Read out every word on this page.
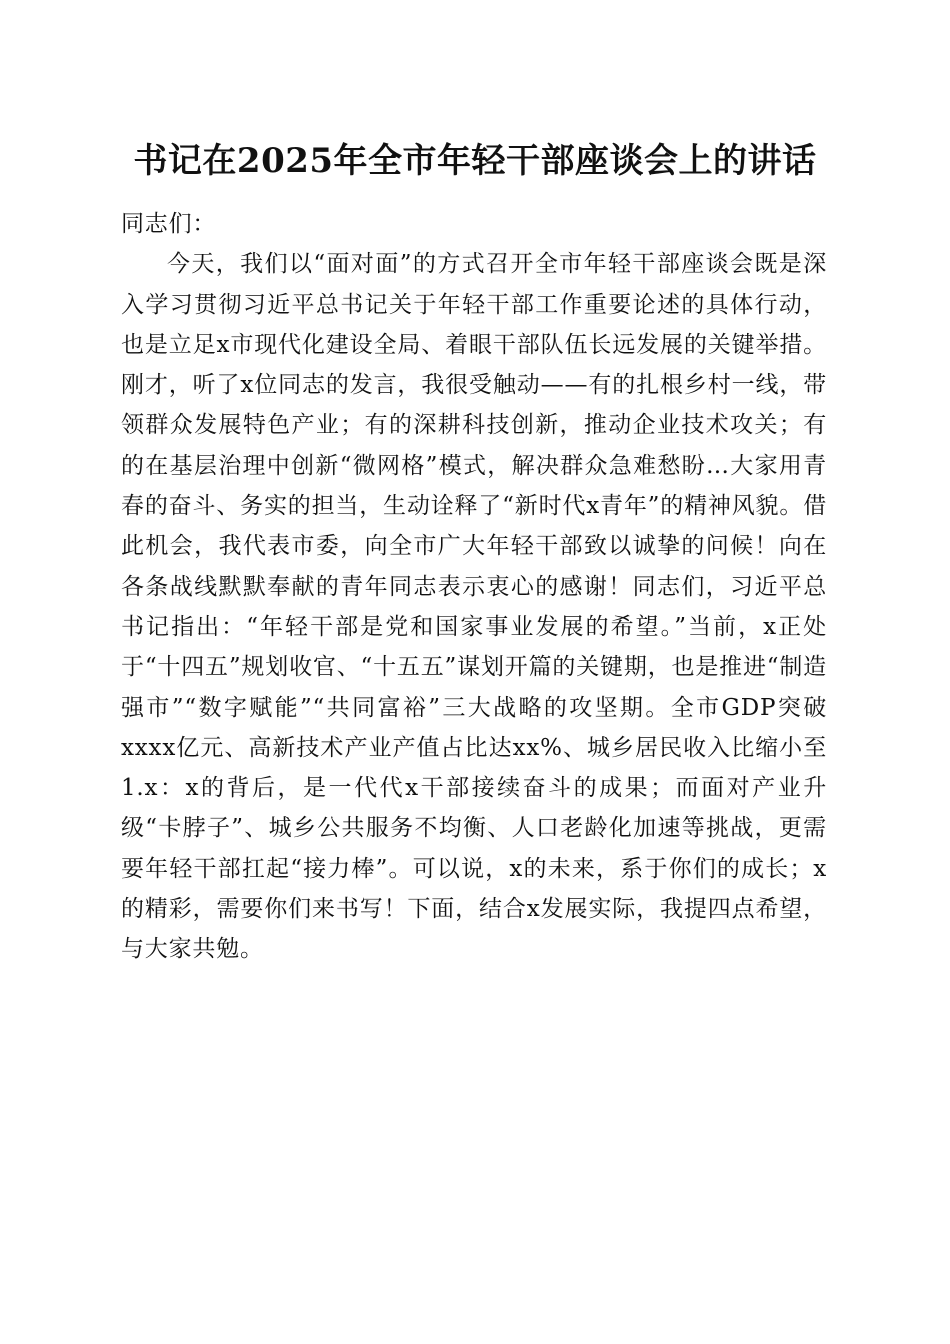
书记在2025年全市年轻干部座谈会上的讲话

同志们：

今天，我们以“面对面”的方式召开全市年轻干部座谈会既是深入学习贯彻习近平总书记关于年轻干部工作重要论述的具体行动，也是立足x市现代化建设全局、着眼干部队伍长远发展的关键举措。刚才，听了x位同志的发言，我很受触动——有的扎根乡村一线，带领群众发展特色产业；有的深耕科技创新，推动企业技术攻关；有的在基层治理中创新“微网格”模式，解决群众急难愁盼…大家用青春的奋斗、务实的担当，生动诠释了“新时代x青年”的精神风貌。借此机会，我代表市委，向全市广大年轻干部致以诚挚的问候！向在各条战线默默奉献的青年同志表示衷心的感谢！同志们，习近平总书记指出：“年轻干部是党和国家事业发展的希望。”当前，x正处于“十四五”规划收官、“十五五”谋划开篇的关键期，也是推进“制造强市”“数字赋能”“共同富裕”三大战略的攻坚期。全市GDP突破xxxx亿元、高新技术产业产值占比达xx%、城乡居民收入比缩小至1.x：x的背后，是一代代x干部接续奋斗的成果；而面对产业升级“卡脖子”、城乡公共服务不均衡、人口老龄化加速等挑战，更需要年轻干部扛起“接力棒”。可以说，x的未来，系于你们的成长；x的精彩，需要你们来书写！下面，结合x发展实际，我提四点希望，与大家共勉。
